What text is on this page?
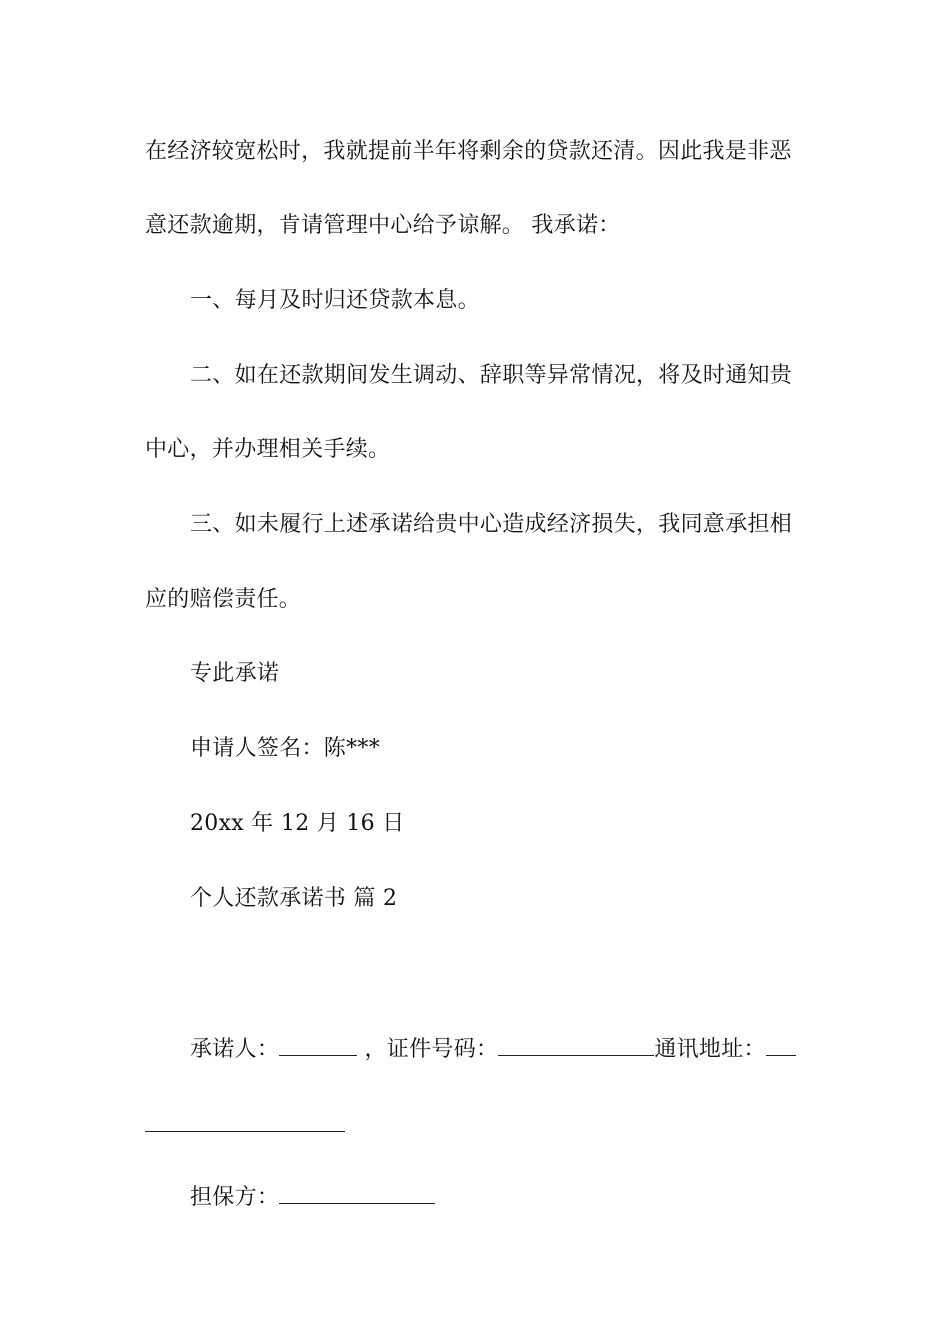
在经济较宽松时，我就提前半年将剩余的贷款还清。因此我是非恶
意还款逾期，肯请管理中心给予谅解。 我承诺：
一、每月及时归还贷款本息。
二、如在还款期间发生调动、辞职等异常情况，将及时通知贵
中心，并办理相关手续。
三、如未履行上述承诺给贵中心造成经济损失，我同意承担相
应的赔偿责任。
专此承诺
申请人签名：陈***
20xx 年 12 月 16 日
个人还款承诺书 篇 2
承诺人：	，证件号码：	通讯地址：
担保方：
